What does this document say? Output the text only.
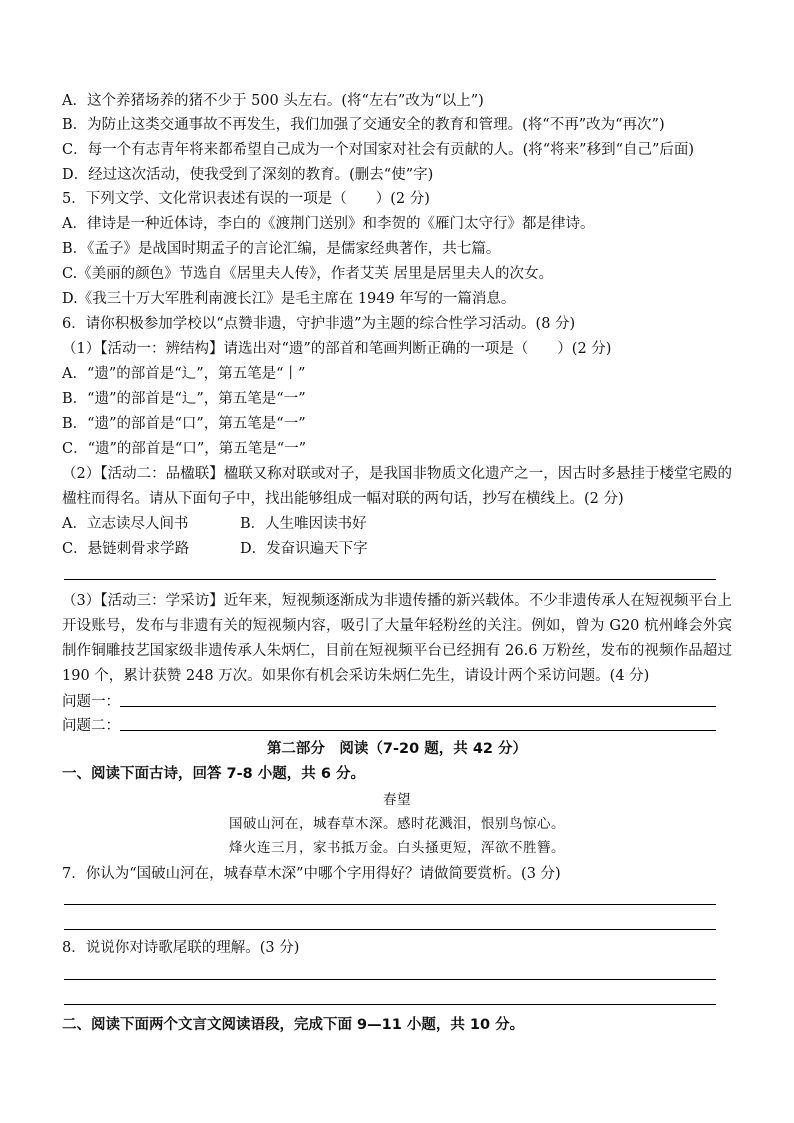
A．这个养猪场养的猪不少于 500 头左右。(将“左右”改为“以上”)
B．为防止这类交通事故不再发生，我们加强了交通安全的教育和管理。(将“不再”改为“再次”)
C．每一个有志青年将来都希望自己成为一个对国家对社会有贡献的人。(将“将来”移到“自己”后面)
D．经过这次活动，使我受到了深刻的教育。(删去“使”字)
5．下列文学、文化常识表述有误的一项是（　　）(2 分)
A．律诗是一种近体诗，李白的《渡荆门送别》和李贺的《雁门太守行》都是律诗。
B．《孟子》是战国时期孟子的言论汇编，是儒家经典著作，共七篇。
C.《美丽的颜色》节选自《居里夫人传》，作者艾芙 居里是居里夫人的次女。
D.《我三十万大军胜利南渡长江》是毛主席在 1949 年写的一篇消息。
6．请你积极参加学校以“点赞非遗，守护非遗”为主题的综合性学习活动。(8 分)
（1）【活动一：辨结构】请选出对“遗”的部首和笔画判断正确的一项是（　　）(2 分)
A．“遗”的部首是“辶”，第五笔是“丨”
B．“遗”的部首是“辶”，第五笔是“一”
B．“遗”的部首是“口”，第五笔是“一”
C．“遗”的部首是“口”，第五笔是“一”
（2）【活动二：品楹联】楹联又称对联或对子，是我国非物质文化遗产之一，因古时多悬挂于楼堂宅殿的楹柱而得名。请从下面句子中，找出能够组成一幅对联的两句话，抄写在横线上。(2 分)
A．立志读尽人间书	B．人生唯因读书好
C．悬链刺骨求学路	D．发奋识遍天下字
（3）【活动三：学采访】近年来，短视频逐渐成为非遗传播的新兴载体。不少非遗传承人在短视频平台上开设账号，发布与非遗有关的短视频内容，吸引了大量年轻粉丝的关注。例如，曾为 G20 杭州峰会外宾制作铜雕技艺国家级非遗传承人朱炳仁，目前在短视频平台已经拥有 26.6 万粉丝，发布的视频作品超过 190 个，累计获赞 248 万次。如果你有机会采访朱炳仁先生，请设计两个采访问题。(4 分)
问题一：
问题二：
第二部分　阅读（7-20 题，共 42 分）
一、阅读下面古诗，回答 7-8 小题，共 6 分。
春望
国破山河在，城春草木深。感时花溅泪，恨别鸟惊心。
烽火连三月，家书抵万金。白头搔更短，浑欲不胜簪。
7．你认为“国破山河在，城春草木深”中哪个字用得好？请做简要赏析。(3 分)
8．说说你对诗歌尾联的理解。(3 分)
二、阅读下面两个文言文阅读语段，完成下面 9—11 小题，共 10 分。
